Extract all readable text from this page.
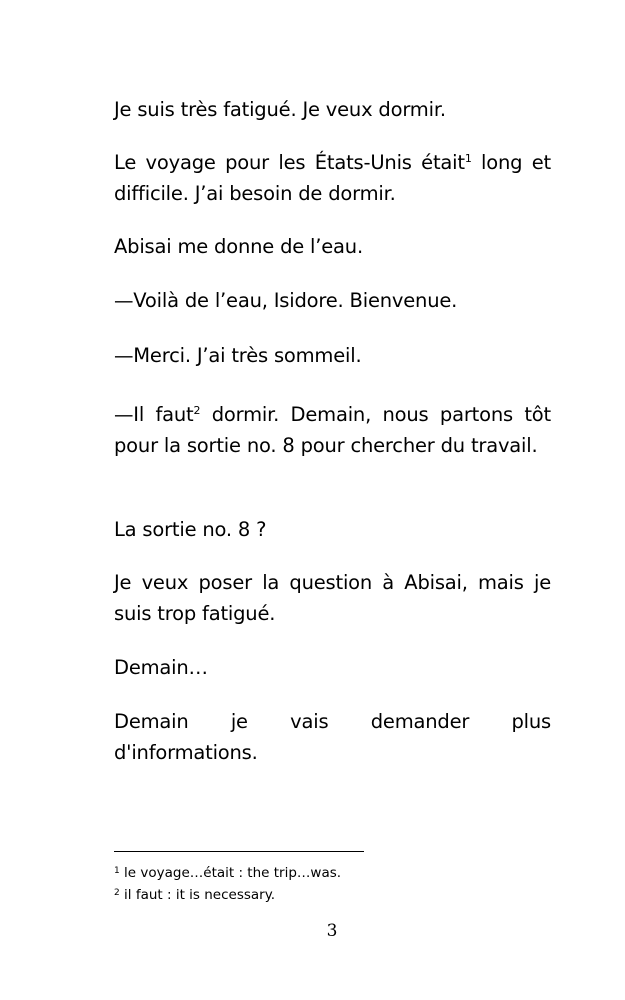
Je suis très fatigué. Je veux dormir.

Le voyage pour les États-Unis était$^1$ long et

difficile. J’ai besoin de dormir.

Abisai me donne de l’eau.

—Voilà de l’eau, Isidore. Bienvenue.

—Merci. J’ai très sommeil.

—Il faut$^2$ dormir. Demain, nous partons tôt pour la sortie no. 8 pour chercher du travail.

La sortie no. 8 ?

Je veux poser la question à Abisai, mais je suis trop fatigué.

Demain…

Demain je vais demander plus

d'informations.

$^1$ le voyage…était : the trip…was.

$^2$ il faut : it is necessary.

3
